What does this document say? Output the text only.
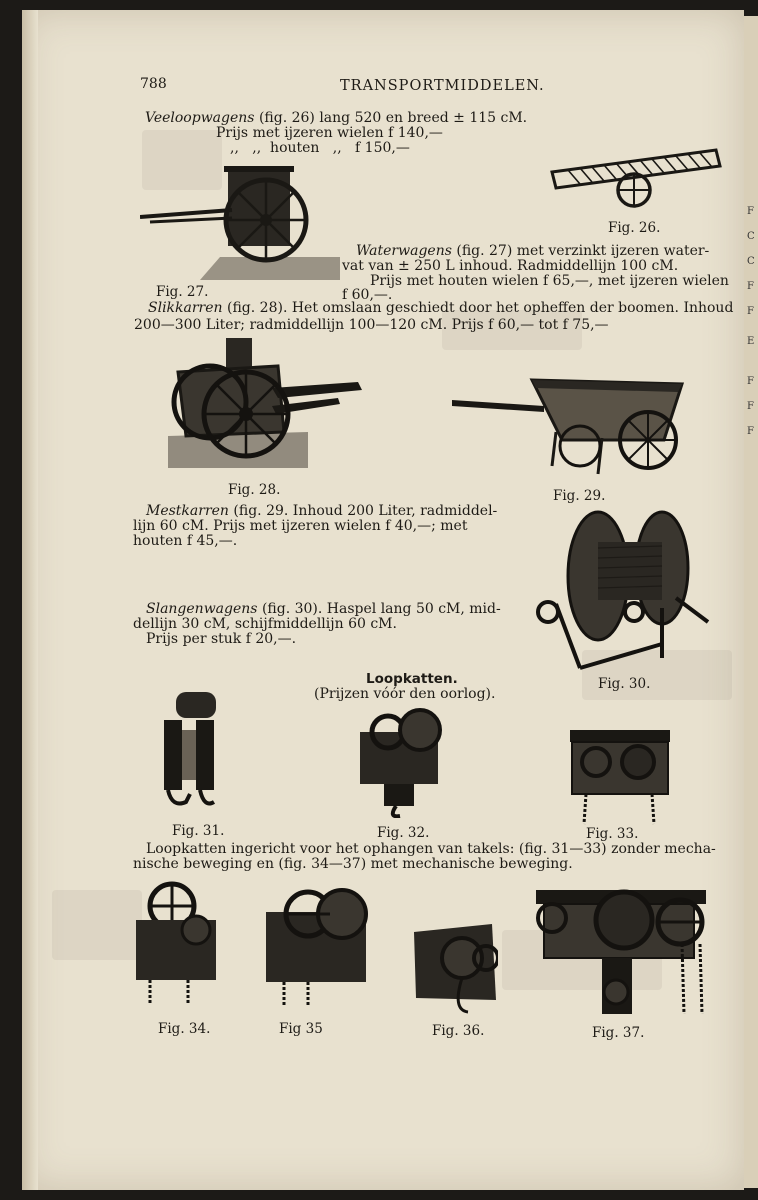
F
C
C
F
F
E
F
F
F
788	TRANSPORTMIDDELEN.
Veeloopwagens (fig. 26) lang 520 en breed ± 115 cM.
Prijs met ijzeren wielen f 140,—
,,   ,,  houten   ,,   f 150,—
Fig. 27.
Fig. 26.
Waterwagens (fig. 27) met verzinkt ijzeren water-
vat van ± 250 L inhoud. Radmiddellijn 100 cM.
Prijs met houten wielen f 65,—, met ijzeren wielen
f 60,—.
Slikkarren (fig. 28). Het omslaan geschiedt door het opheffen der boomen. Inhoud
200—300 Liter; radmiddellijn 100—120 cM. Prijs f 60,— tot f 75,—
Fig. 28.	Fig. 29.
Mestkarren (fig. 29. Inhoud 200 Liter, radmiddel-
lijn 60 cM. Prijs met ijzeren wielen f 40,—; met
houten f 45,—.
Fig. 30.
Slangenwagens (fig. 30). Haspel lang 50 cM, mid-
dellijn 30 cM, schijfmiddellijn 60 cM.
Prijs per stuk f 20,—.
Loopkatten.
(Prijzen vóór den oorlog).
Fig. 31.	Fig. 32.	Fig. 33.
Loopkatten ingericht voor het ophangen van takels: (fig. 31—33) zonder mecha-
nische beweging en (fig. 34—37) met mechanische beweging.
Fig. 34.	Fig 35	Fig. 36.	Fig. 37.
